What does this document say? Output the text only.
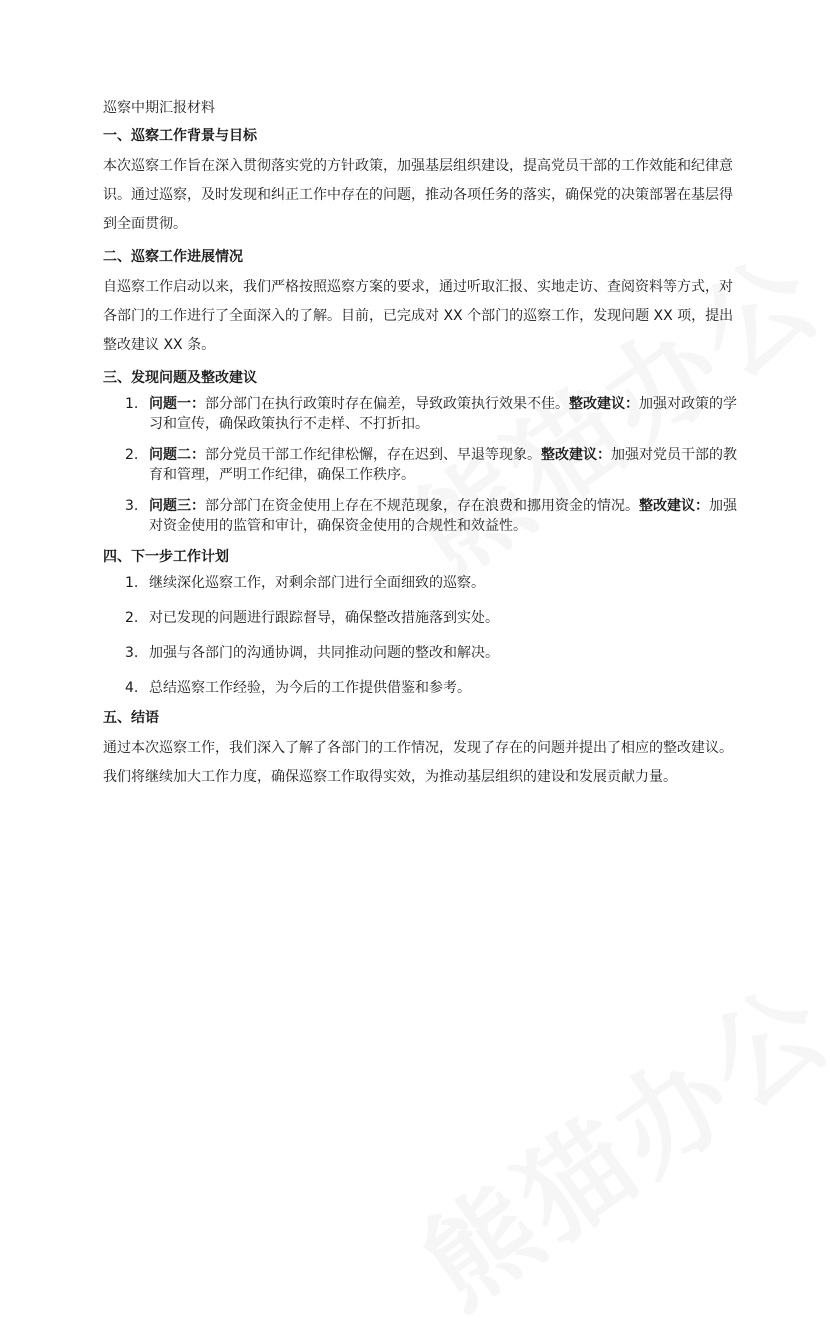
巡察中期汇报材料
一、巡察工作背景与目标

本次巡察工作旨在深入贯彻落实党的方针政策，加强基层组织建设，提高党员干部的工作效能和纪律意识。通过巡察，及时发现和纠正工作中存在的问题，推动各项任务的落实，确保党的决策部署在基层得到全面贯彻。

二、巡察工作进展情况

自巡察工作启动以来，我们严格按照巡察方案的要求，通过听取汇报、实地走访、查阅资料等方式，对各部门的工作进行了全面深入的了解。目前，已完成对 XX 个部门的巡察工作，发现问题 XX 项，提出整改建议 XX 条。

三、发现问题及整改建议
1. 问题一：部分部门在执行政策时存在偏差，导致政策执行效果不佳。整改建议：加强对政策的学习和宣传，确保政策执行不走样、不打折扣。
2. 问题二：部分党员干部工作纪律松懈，存在迟到、早退等现象。整改建议：加强对党员干部的教育和管理，严明工作纪律，确保工作秩序。
3. 问题三：部分部门在资金使用上存在不规范现象，存在浪费和挪用资金的情况。整改建议：加强对资金使用的监管和审计，确保资金使用的合规性和效益性。
四、下一步工作计划
1. 继续深化巡察工作，对剩余部门进行全面细致的巡察。
2. 对已发现的问题进行跟踪督导，确保整改措施落到实处。
3. 加强与各部门的沟通协调，共同推动问题的整改和解决。
4. 总结巡察工作经验，为今后的工作提供借鉴和参考。
五、结语

通过本次巡察工作，我们深入了解了各部门的工作情况，发现了存在的问题并提出了相应的整改建议。我们将继续加大工作力度，确保巡察工作取得实效，为推动基层组织的建设和发展贡献力量。
